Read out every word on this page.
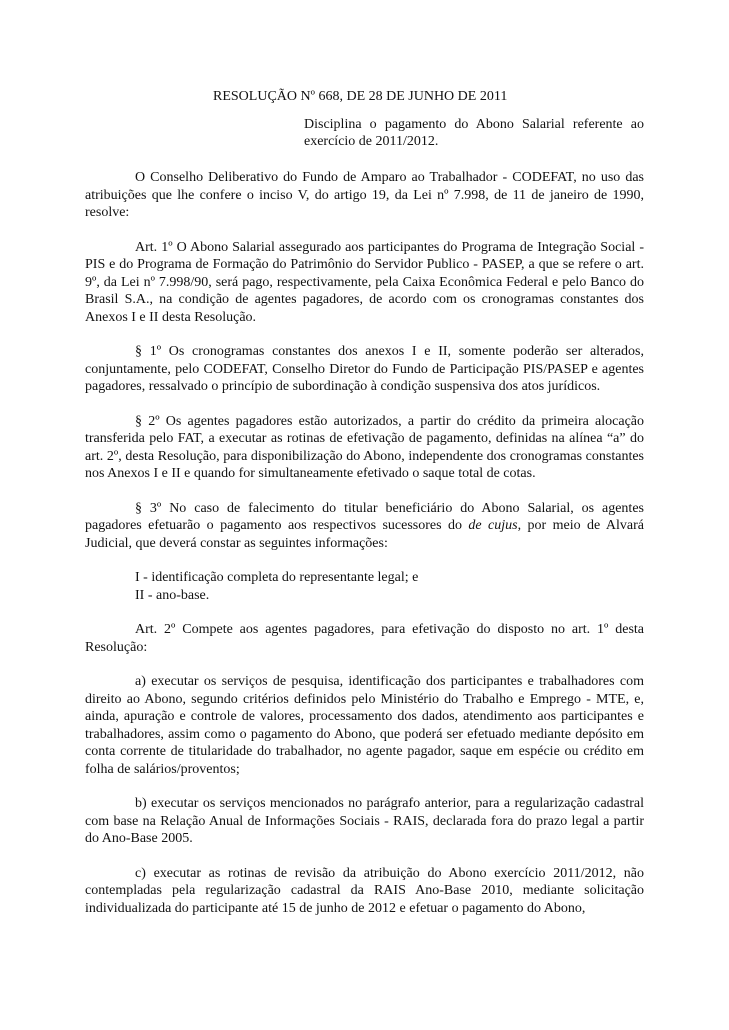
RESOLUÇÃO Nº 668, DE 28 DE JUNHO DE 2011

Disciplina o pagamento do Abono Salarial referente ao exercício de 2011/2012.

O Conselho Deliberativo do Fundo de Amparo ao Trabalhador - CODEFAT, no uso das atribuições que lhe confere o inciso V, do artigo 19, da Lei nº 7.998, de 11 de janeiro de 1990, resolve:

Art. 1º O Abono Salarial assegurado aos participantes do Programa de Integração Social - PIS e do Programa de Formação do Patrimônio do Servidor Publico - PASEP, a que se refere o art. 9º, da Lei nº 7.998/90, será pago, respectivamente, pela Caixa Econômica Federal e pelo Banco do Brasil S.A., na condição de agentes pagadores, de acordo com os cronogramas constantes dos Anexos I e II desta Resolução.

§ 1º Os cronogramas constantes dos anexos I e II, somente poderão ser alterados, conjuntamente, pelo CODEFAT, Conselho Diretor do Fundo de Participação PIS/PASEP e agentes pagadores, ressalvado o princípio de subordinação à condição suspensiva dos atos jurídicos.

§ 2º Os agentes pagadores estão autorizados, a partir do crédito da primeira alocação transferida pelo FAT, a executar as rotinas de efetivação de pagamento, definidas na alínea “a” do art. 2º, desta Resolução, para disponibilização do Abono, independente dos cronogramas constantes nos Anexos I e II e quando for simultaneamente efetivado o saque total de cotas.

§ 3º No caso de falecimento do titular beneficiário do Abono Salarial, os agentes pagadores efetuarão o pagamento aos respectivos sucessores do de cujus, por meio de Alvará Judicial, que deverá constar as seguintes informações:

I - identificação completa do representante legal; e
II - ano-base.

Art. 2º Compete aos agentes pagadores, para efetivação do disposto no art. 1º desta Resolução:

a) executar os serviços de pesquisa, identificação dos participantes e trabalhadores com direito ao Abono, segundo critérios definidos pelo Ministério do Trabalho e Emprego - MTE, e, ainda, apuração e controle de valores, processamento dos dados, atendimento aos participantes e trabalhadores, assim como o pagamento do Abono, que poderá ser efetuado mediante depósito em conta corrente de titularidade do trabalhador, no agente pagador, saque em espécie ou crédito em folha de salários/proventos;

b) executar os serviços mencionados no parágrafo anterior, para a regularização cadastral com base na Relação Anual de Informações Sociais - RAIS, declarada fora do prazo legal a partir do Ano-Base 2005.

c) executar as rotinas de revisão da atribuição do Abono exercício 2011/2012, não contempladas pela regularização cadastral da RAIS Ano-Base 2010, mediante solicitação individualizada do participante até 15 de junho de 2012 e efetuar o pagamento do Abono,
